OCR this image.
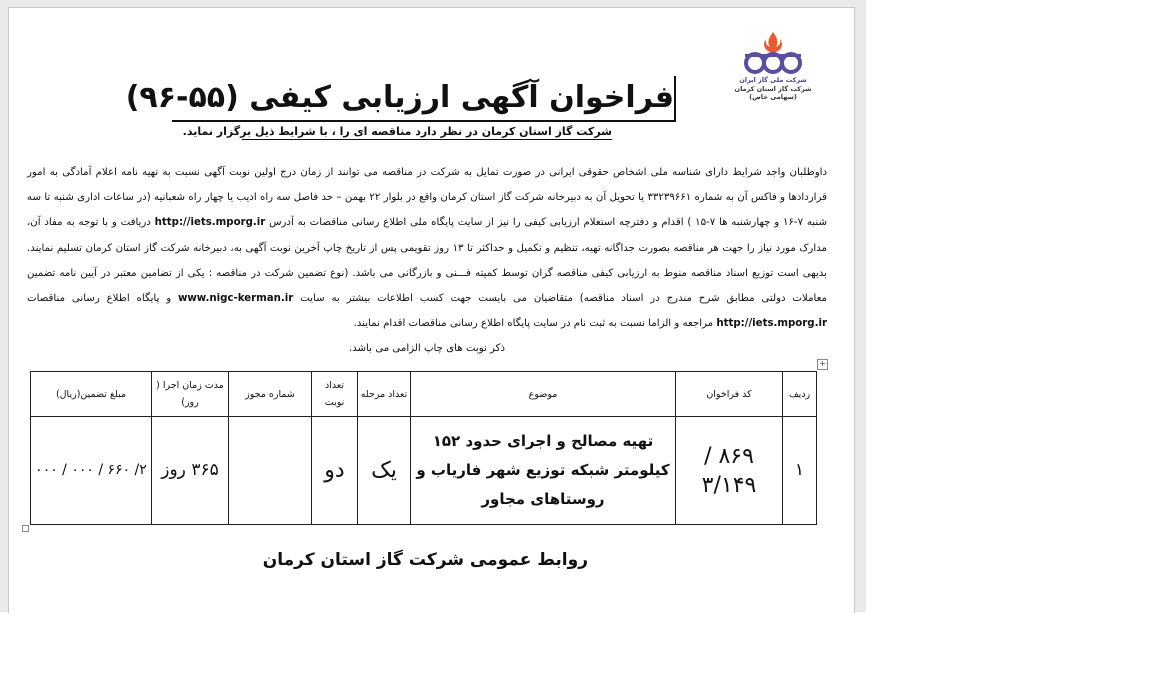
شرکت ملی گاز ایران
شرکت گاز استان کرمان
(سهامی خاص)
فراخوان آگهی ارزیابی کیفی (۵۵-۹۶)
شرکت گاز استان کرمان در نظر دارد مناقصه ای را ، با شرایط ذیل برگزار نماید.
داوطلبان واجد شرایط دارای شناسه ملی اشخاص حقوقی ایرانی در صورت تمایل به شرکت در مناقصه می توانند از زمان درج اولین نوبت آگهی نسبت به تهیه نامه اعلام آمادگی به امور قراردادها و فاکس آن به شماره ۳۳۲۳۹۶۶۱ یا تحویل آن به دبیرخانه شرکت گاز استان کرمان واقع در بلوار ۲۲ بهمن – حد فاصل سه راه ادیب یا چهار راه شعبانیه (در ساعات اداری شنبه تا سه شنبه ۷-۱۶ و چهارشنبه ها ۷-۱۵ ) اقدام و دفترچه استعلام ارزیابی کیفی را نیز از سایت پایگاه ملی اطلاع رسانی مناقصات به آدرس http://iets.mporg.ir دریافت و با توجه به مفاد آن، مدارک مورد نیاز را جهت هر مناقصه بصورت جداگانه تهیه، تنظیم و تکمیل و حداکثر تا ۱۳ روز تقویمی پس از تاریخ چاپ آخرین نوبت آگهی به، دبیرخانه شرکت گاز استان کرمان تسلیم نمایند. بدیهی است توزیع اسناد مناقصه منوط به ارزیابی کیفی مناقصه گران توسط کمیته فـــنی و بازرگانی می باشد. (نوع تضمین شرکت در مناقصه : یکی از تضامین معتبر در آیین نامه تضمین معاملات دولتی مطابق شرح مندرج در اسناد مناقصه) متقاضیان می بایست جهت کسب اطلاعات بیشتر به سایت www.nigc-kerman.ir و پایگاه اطلاع رسانی مناقصات http://iets.mporg.ir مراجعه و الزاما نسبت به ثبت نام در سایت پایگاه اطلاع رسانی مناقصات اقدام نمایند.
ذکر نوبت های چاپ الزامی می باشد.
+
ردیف	کد فراخوان	موضوع	تعداد مرحله	تعداد نوبت	شماره مجوز	مدت زمان اجرا ( روز)	مبلغ تضمین(ریال)
۱	۸۶۹ / ۳/۱۴۹	تهیه مصالح و اجرای حدود ۱۵۲ کیلومتر شبکه توزیع شهر فاریاب و روستاهای مجاور	یک	دو		۳۶۵ روز	۲/ ۶۶۰ / ۰۰۰ / ۰۰۰
روابط عمومی شرکت گاز استان کرمان
